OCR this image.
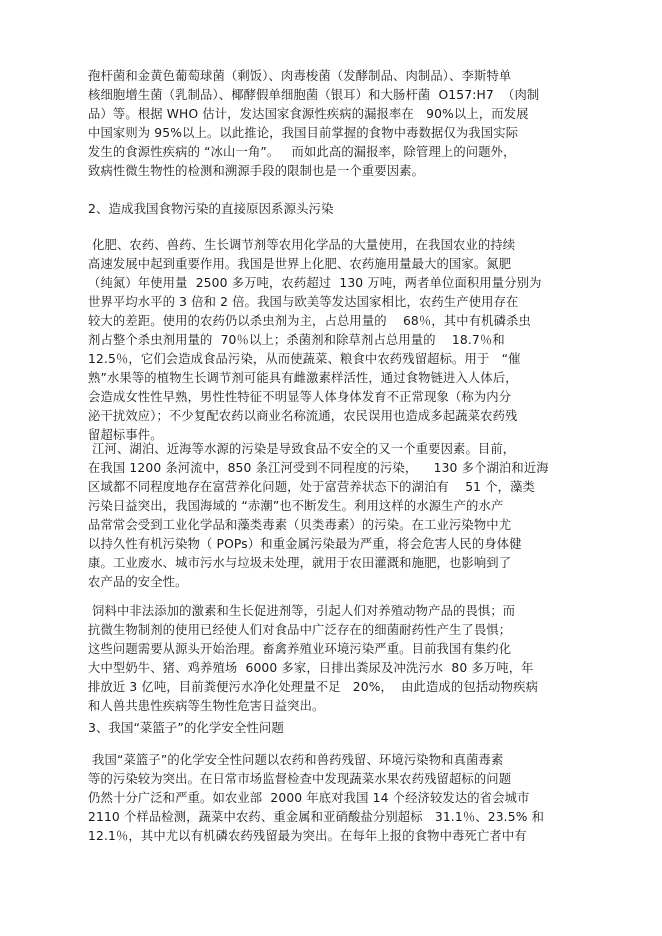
孢杆菌和金黄色葡萄球菌（剩饭）、肉毒梭菌（发酵制品、肉制品）、李斯特单
核细胞增生菌（乳制品）、椰酵假单细胞菌（银耳）和大肠杆菌  O157:H7  （肉制
品）等。根据 WHO 估计，发达国家食源性疾病的漏报率在   90%以上，而发展
中国家则为 95%以上。以此推论，我国目前掌握的食物中毒数据仅为我国实际
发生的食源性疾病的 “冰山一角”。   而如此高的漏报率，除管理上的问题外，
致病性微生物性的检测和溯源手段的限制也是一个重要因素。
2、造成我国食物污染的直接原因系源头污染
化肥、农药、兽药、生长调节剂等农用化学品的大量使用，在我国农业的持续
高速发展中起到重要作用。我国是世界上化肥、农药施用量最大的国家。氮肥
（纯氮）年使用量  2500 多万吨，农药超过  130 万吨，两者单位面积用量分别为
世界平均水平的 3 倍和 2 倍。我国与欧美等发达国家相比，农药生产使用存在
较大的差距。使用的农药仍以杀虫剂为主，占总用量的    68％，其中有机磷杀虫
剂占整个杀虫剂用量的  70％以上；杀菌剂和除草剂占总用量的    18.7％和
12.5％，它们会造成食品污染，从而使蔬菜、粮食中农药残留超标。用于   “催
熟”水果等的植物生长调节剂可能具有雌激素样活性，通过食物链进入人体后，
会造成女性性早熟，男性性特征不明显等人体身体发育不正常现象（称为内分
泌干扰效应）；不少复配农药以商业名称流通，农民误用也造成多起蔬菜农药残
留超标事件。
江河、湖泊、近海等水源的污染是导致食品不安全的又一个重要因素。目前，
在我国 1200 条河流中，850 条江河受到不同程度的污染，    130 多个湖泊和近海
区域都不同程度地存在富营养化问题，处于富营养状态下的湖泊有    51 个，藻类
污染日益突出，我国海域的 “赤潮”也不断发生。利用这样的水源生产的水产
品常常会受到工业化学品和藻类毒素（贝类毒素）的污染。在工业污染物中尤
以持久性有机污染物（ POPs）和重金属污染最为严重，将会危害人民的身体健
康。工业废水、城市污水与垃圾未处理，就用于农田灌溉和施肥，也影响到了
农产品的安全性。
饲料中非法添加的激素和生长促进剂等，引起人们对养殖动物产品的畏惧；而
抗微生物制剂的使用已经使人们对食品中广泛存在的细菌耐药性产生了畏惧；
这些问题需要从源头开始治理。畜禽养殖业环境污染严重。目前我国有集约化
大中型奶牛、猪、鸡养殖场  6000 多家，日排出粪尿及冲洗污水  80 多万吨，年
排放近 3 亿吨，目前粪便污水净化处理量不足   20%，  由此造成的包括动物疾病
和人兽共患性疾病等生物性危害日益突出。
3、我国“菜篮子”的化学安全性问题
我国“菜篮子”的化学安全性问题以农药和兽药残留、环境污染物和真菌毒素
等的污染较为突出。在日常市场监督检查中发现蔬菜水果农药残留超标的问题
仍然十分广泛和严重。如农业部  2000 年底对我国 14 个经济较发达的省会城市
2110 个样品检测，蔬菜中农药、重金属和亚硝酸盐分别超标   31.1％、23.5% 和
12.1％，其中尤以有机磷农药残留最为突出。在每年上报的食物中毒死亡者中有
